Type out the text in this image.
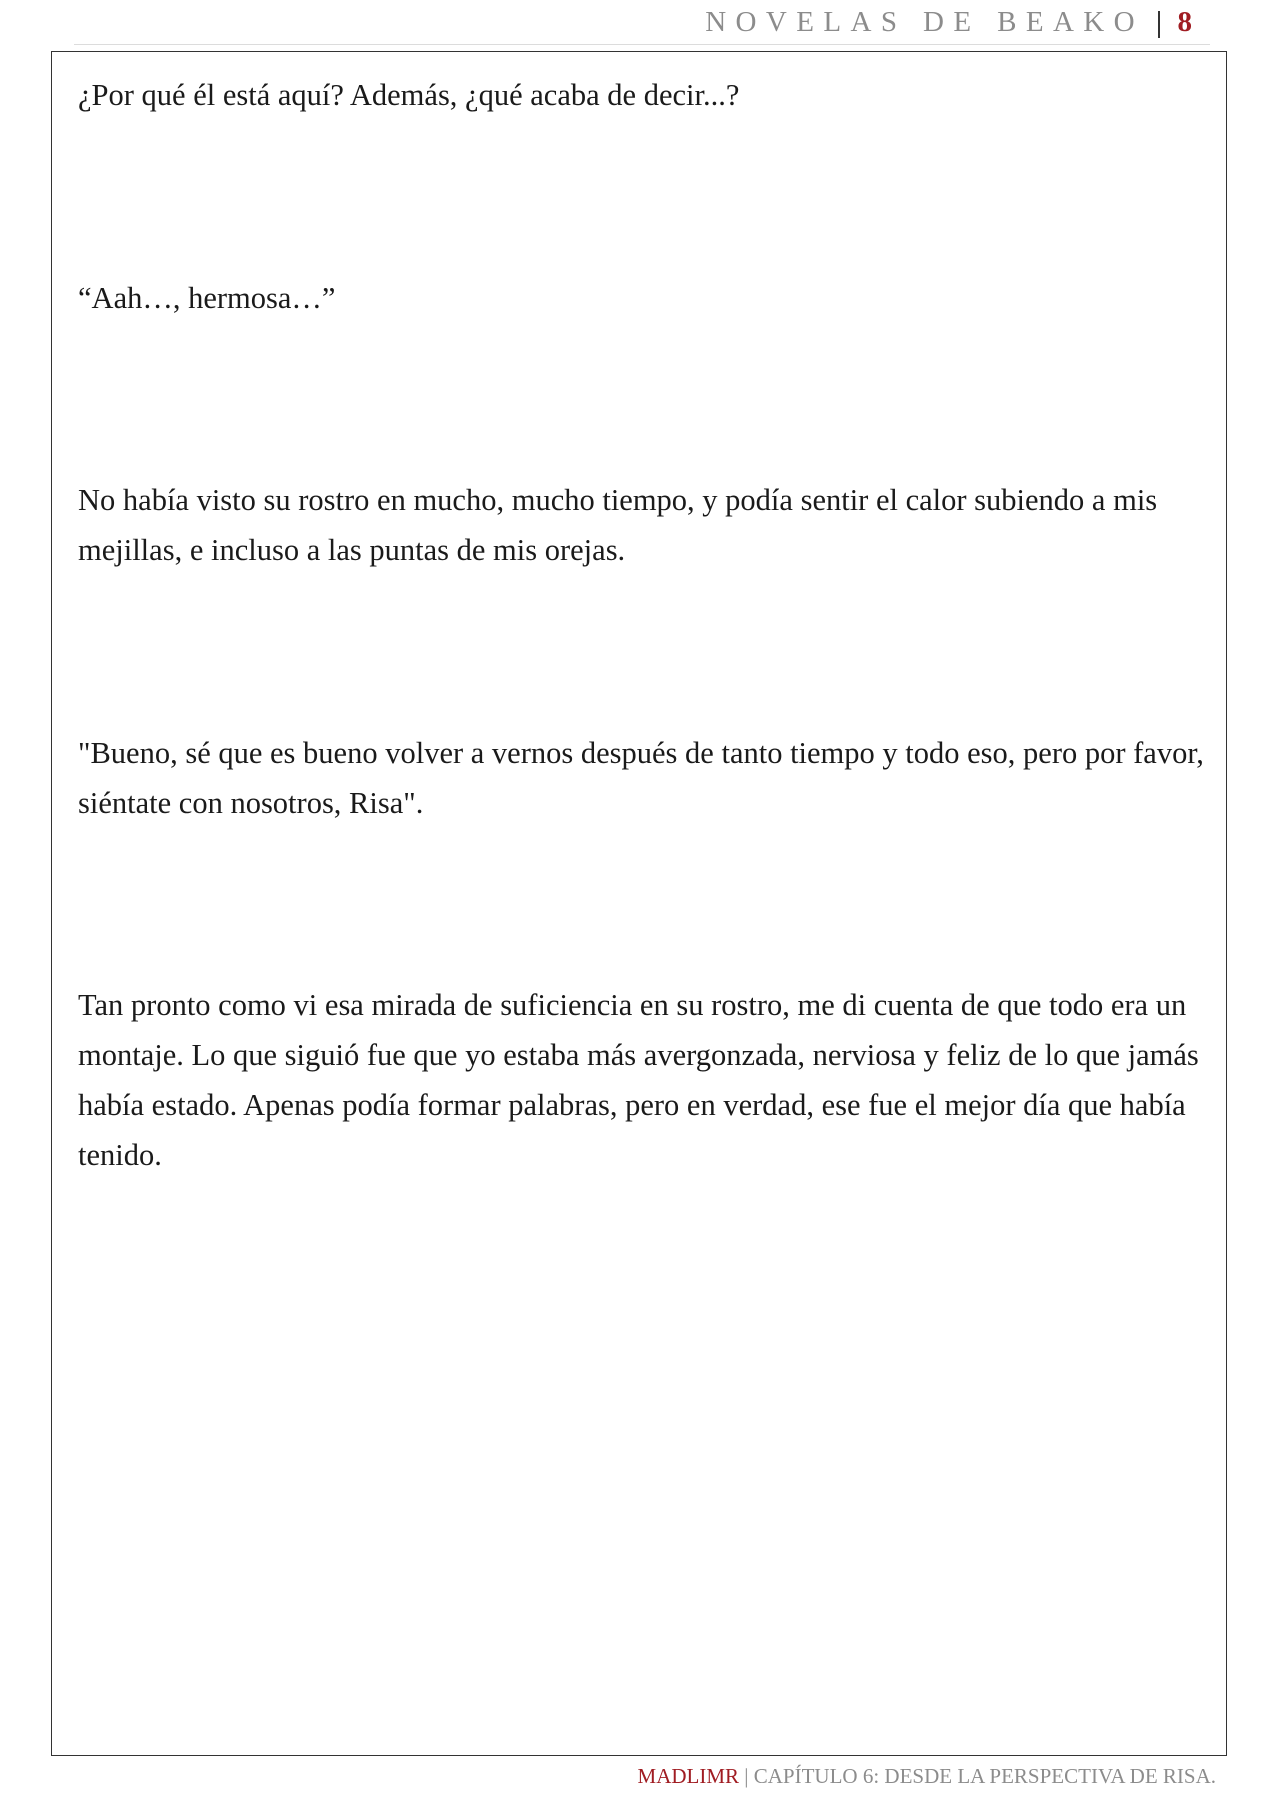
NOVELAS DE BEAKO 8

¿Por qué él está aquí? Además, ¿qué acaba de decir...?

“Aah…, hermosa…”

No había visto su rostro en mucho, mucho tiempo, y podía sentir el calor subiendo a mis mejillas, e incluso a las puntas de mis orejas.

"Bueno, sé que es bueno volver a vernos después de tanto tiempo y todo eso, pero por favor, siéntate con nosotros, Risa".

Tan pronto como vi esa mirada de suficiencia en su rostro, me di cuenta de que todo era un montaje. Lo que siguió fue que yo estaba más avergonzada, nerviosa y feliz de lo que jamás había estado. Apenas podía formar palabras, pero en verdad, ese fue el mejor día que había tenido.

MADLIMR | CAPÍTULO 6: DESDE LA PERSPECTIVA DE RISA.
